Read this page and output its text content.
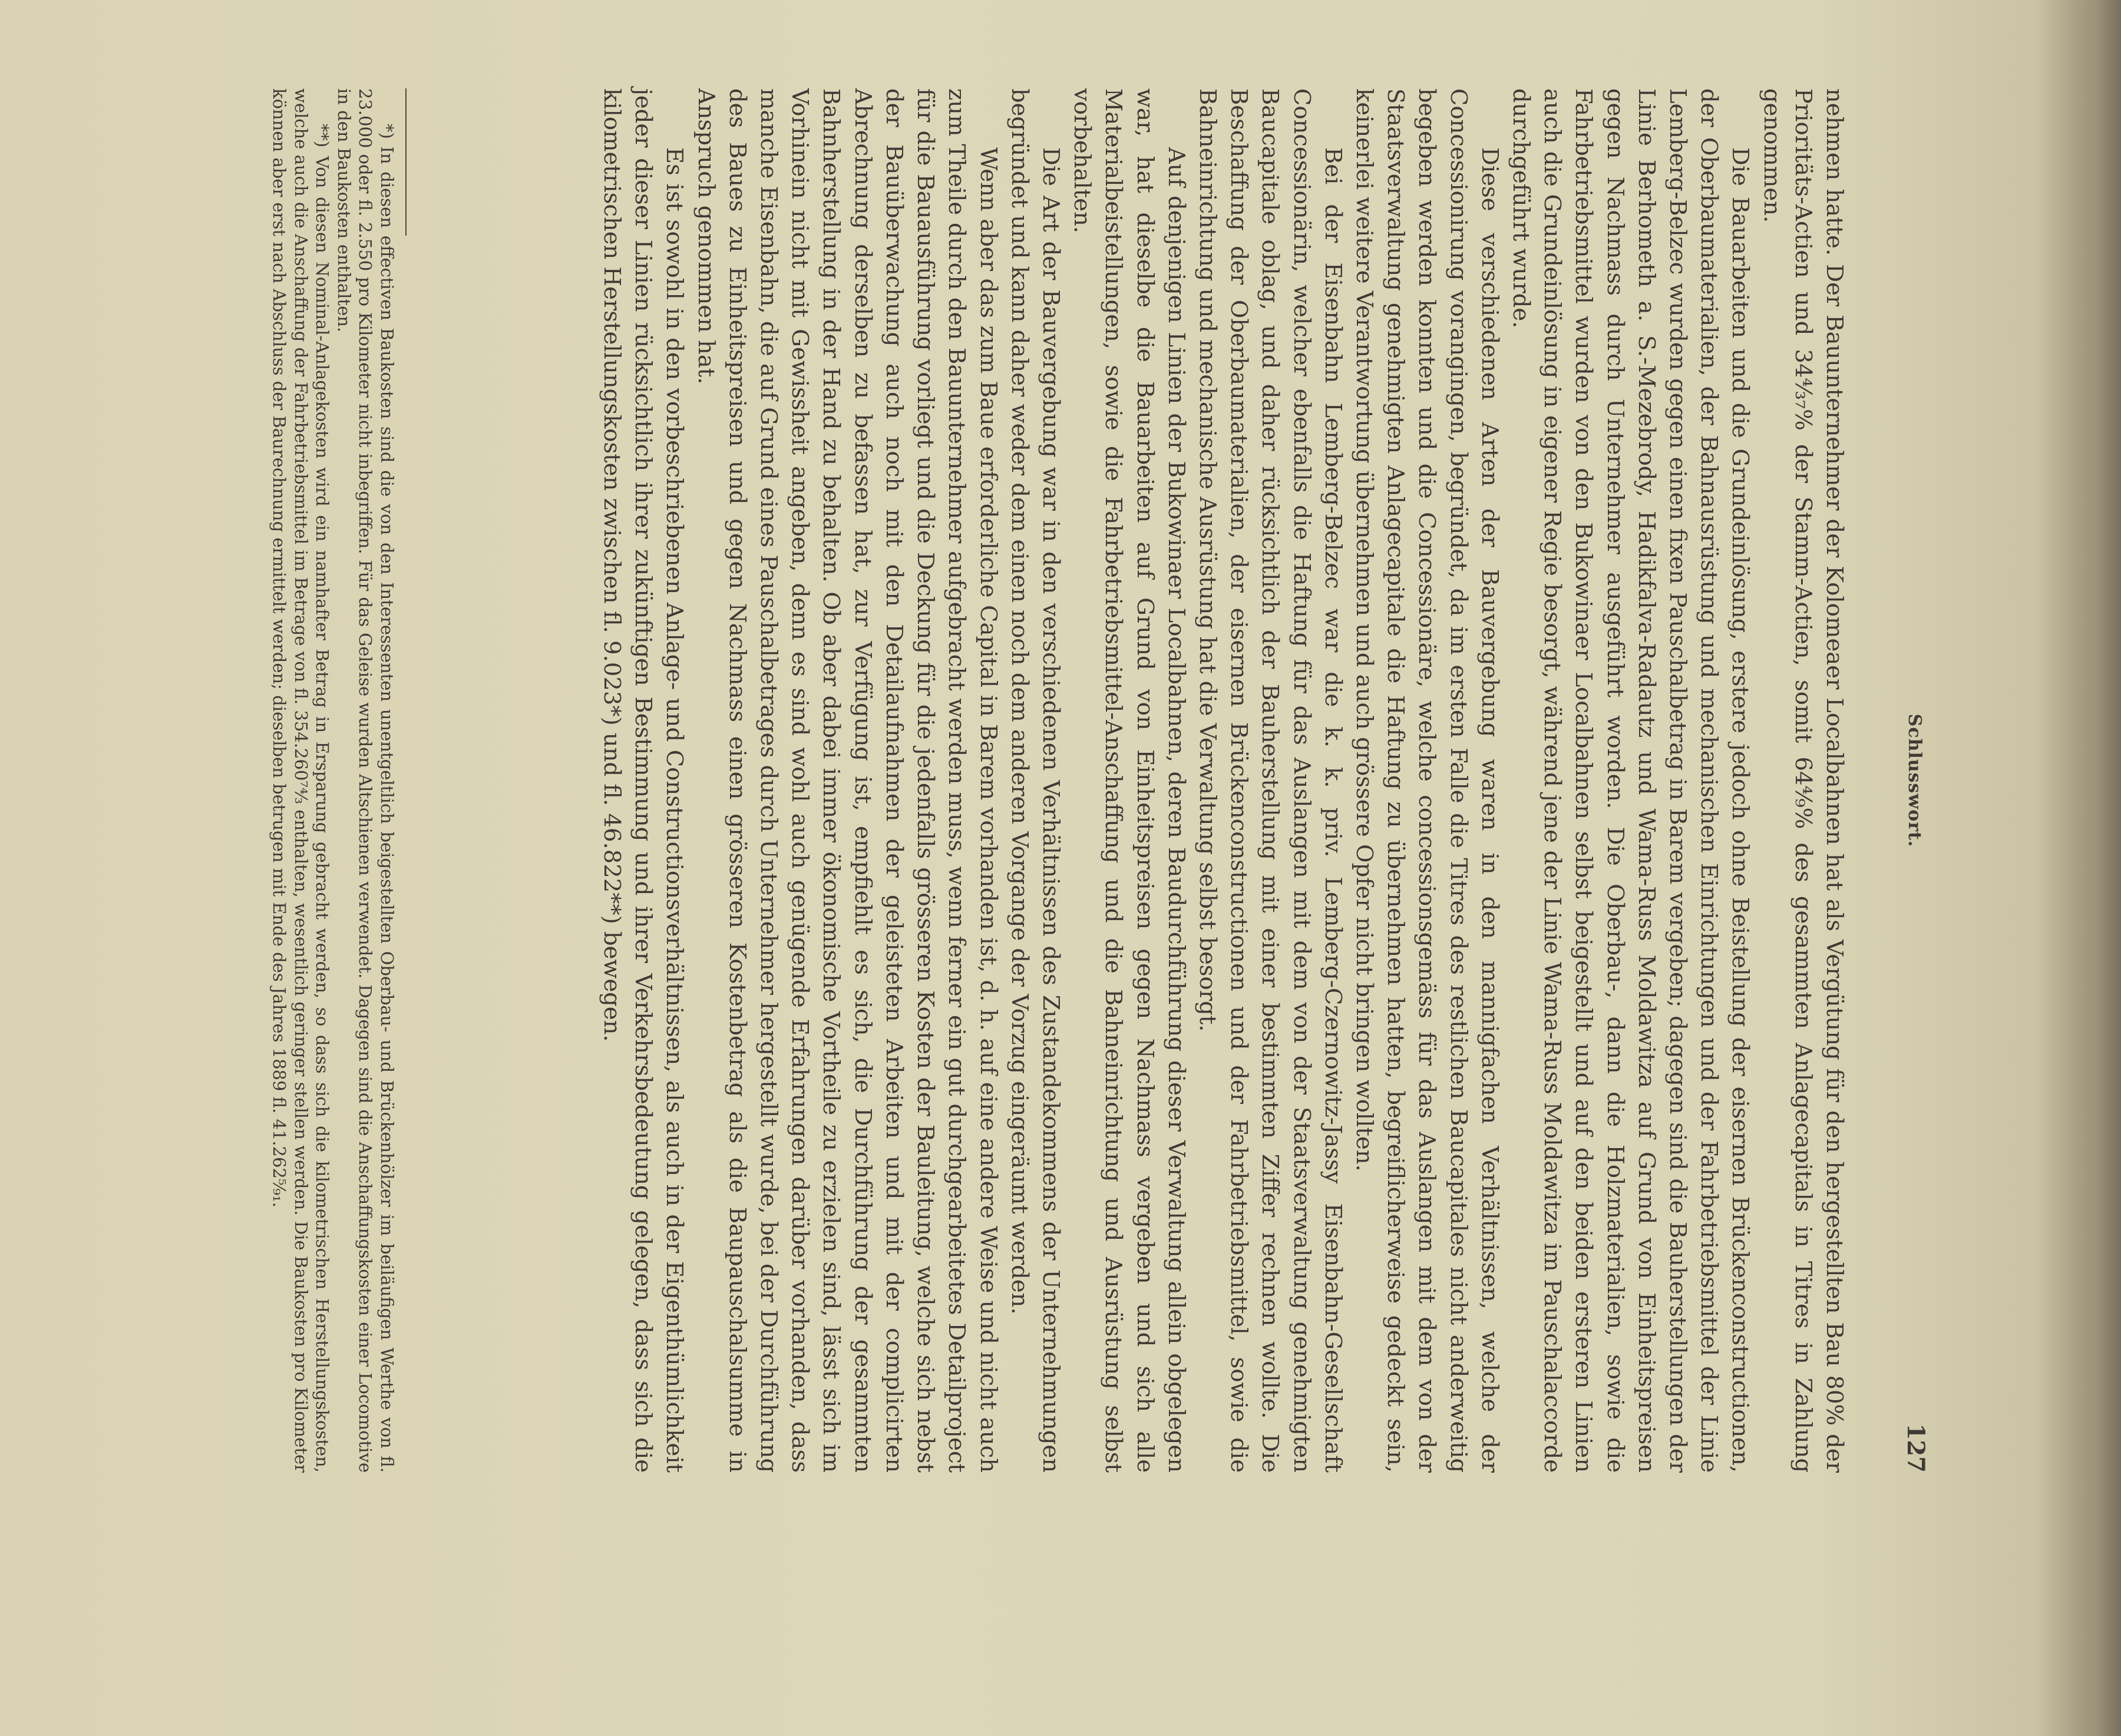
Schlusswort.
127

nehmen hatte. Der Bauunternehmer der Kolomeaer Localbahnen hat als Vergütung für den hergestellten Bau 80% der Prioritäts-Actien und 34⁴⁄₃₇% der Stamm-Actien, somit 64⁴⁄₉% des gesammten Anlagecapitals in Titres in Zahlung genommen.

Die Bauarbeiten und die Grundeinlösung, erstere jedoch ohne Beistellung der eisernen Brückenconstructionen, der Oberbaumaterialien, der Bahnausrüstung und mechanischen Einrichtungen und der Fahrbetriebsmittel der Linie Lemberg-Belzec wurden gegen einen fixen Pauschalbetrag in Barem vergeben; dagegen sind die Bauherstellungen der Linie Berhometh a. S.-Mezebrody, Hadikfalva-Radautz und Wama-Russ Moldawitza auf Grund von Einheitspreisen gegen Nachmass durch Unternehmer ausgeführt worden. Die Oberbau-, dann die Holzmaterialien, sowie die Fahrbetriebsmittel wurden von den Bukowinaer Localbahnen selbst beigestellt und auf den beiden ersteren Linien auch die Grundeinlösung in eigener Regie besorgt, während jene der Linie Wama-Russ Moldawitza im Pauschalaccorde durchgeführt wurde.

Diese verschiedenen Arten der Bauvergebung waren in den mannigfachen Verhältnissen, welche der Concessionirung vorangingen, begründet, da im ersten Falle die Titres des restlichen Baucapitales nicht anderweitig begeben werden konnten und die Concessionäre, welche concessionsgemäss für das Auslangen mit dem von der Staatsverwaltung genehmigten Anlagecapitale die Haftung zu übernehmen hatten, begreiflicherweise gedeckt sein, keinerlei weitere Verantwortung übernehmen und auch grössere Opfer nicht bringen wollten.

Bei der Eisenbahn Lemberg-Belzec war die k. k. priv. Lemberg-Czernowitz-Jassy Eisenbahn-Gesellschaft Concessionärin, welcher ebenfalls die Haftung für das Auslangen mit dem von der Staatsverwaltung genehmigten Baucapitale oblag, und daher rücksichtlich der Bauherstellung mit einer bestimmten Ziffer rechnen wollte. Die Beschaffung der Oberbaumaterialien, der eisernen Brückenconstructionen und der Fahrbetriebsmittel, sowie die Bahneinrichtung und mechanische Ausrüstung hat die Verwaltung selbst besorgt.

Auf denjenigen Linien der Bukowinaer Localbahnen, deren Baudurchführung dieser Verwaltung allein obgelegen war, hat dieselbe die Bauarbeiten auf Grund von Einheitspreisen gegen Nachmass vergeben und sich alle Materialbeistellungen, sowie die Fahrbetriebsmittel-Anschaffung und die Bahneinrichtung und Ausrüstung selbst vorbehalten.

Die Art der Bauvergebung war in den verschiedenen Verhältnissen des Zustandekommens der Unternehmungen begründet und kann daher weder dem einen noch dem anderen Vorgange der Vorzug eingeräumt werden.

Wenn aber das zum Baue erforderliche Capital in Barem vorhanden ist, d. h. auf eine andere Weise und nicht auch zum Theile durch den Bauunternehmer aufgebracht werden muss, wenn ferner ein gut durchgearbeitetes Detailproject für die Bauausführung vorliegt und die Deckung für die jedenfalls grösseren Kosten der Bauleitung, welche sich nebst der Bauüberwachung auch noch mit den Detailaufnahmen der geleisteten Arbeiten und mit der complicirten Abrechnung derselben zu befassen hat, zur Verfügung ist, empfiehlt es sich, die Durchführung der gesammten Bahnherstellung in der Hand zu behalten. Ob aber dabei immer ökonomische Vortheile zu erzielen sind, lässt sich im Vorhinein nicht mit Gewissheit angeben, denn es sind wohl auch genügende Erfahrungen darüber vorhanden, dass manche Eisenbahn, die auf Grund eines Pauschalbetrages durch Unternehmer hergestellt wurde, bei der Durchführung des Baues zu Einheitspreisen und gegen Nachmass einen grösseren Kostenbetrag als die Baupauschalsumme in Anspruch genommen hat.

Es ist sowohl in den vorbeschriebenen Anlage- und Constructionsverhältnissen, als auch in der Eigenthümlichkeit jeder dieser Linien rücksichtlich ihrer zukünftigen Bestimmung und ihrer Verkehrsbedeutung gelegen, dass sich die kilometrischen Herstellungskosten zwischen fl. 9.023*) und fl. 46.822**) bewegen.

*) In diesen effectiven Baukosten sind die von den Interessenten unentgeltlich beigestellten Oberbau- und Brückenhölzer im beiläufigen Werthe von fl. 23.000 oder fl. 2.550 pro Kilometer nicht inbegriffen. Für das Geleise wurden Altschienen verwendet. Dagegen sind die Anschaffungskosten einer Locomotive in den Baukosten enthalten.

**) Von diesen Nominal-Anlagekosten wird ein namhafter Betrag in Ersparung gebracht werden, so dass sich die kilometrischen Herstellungskosten, welche auch die Anschaffung der Fahrbetriebsmittel im Betrage von fl. 354.260⁷⁴⁄₃ enthalten, wesentlich geringer stellen werden. Die Baukosten pro Kilometer können aber erst nach Abschluss der Baurechnung ermittelt werden; dieselben betrugen mit Ende des Jahres 1889 fl. 41.262⁵⁄₉₁.
